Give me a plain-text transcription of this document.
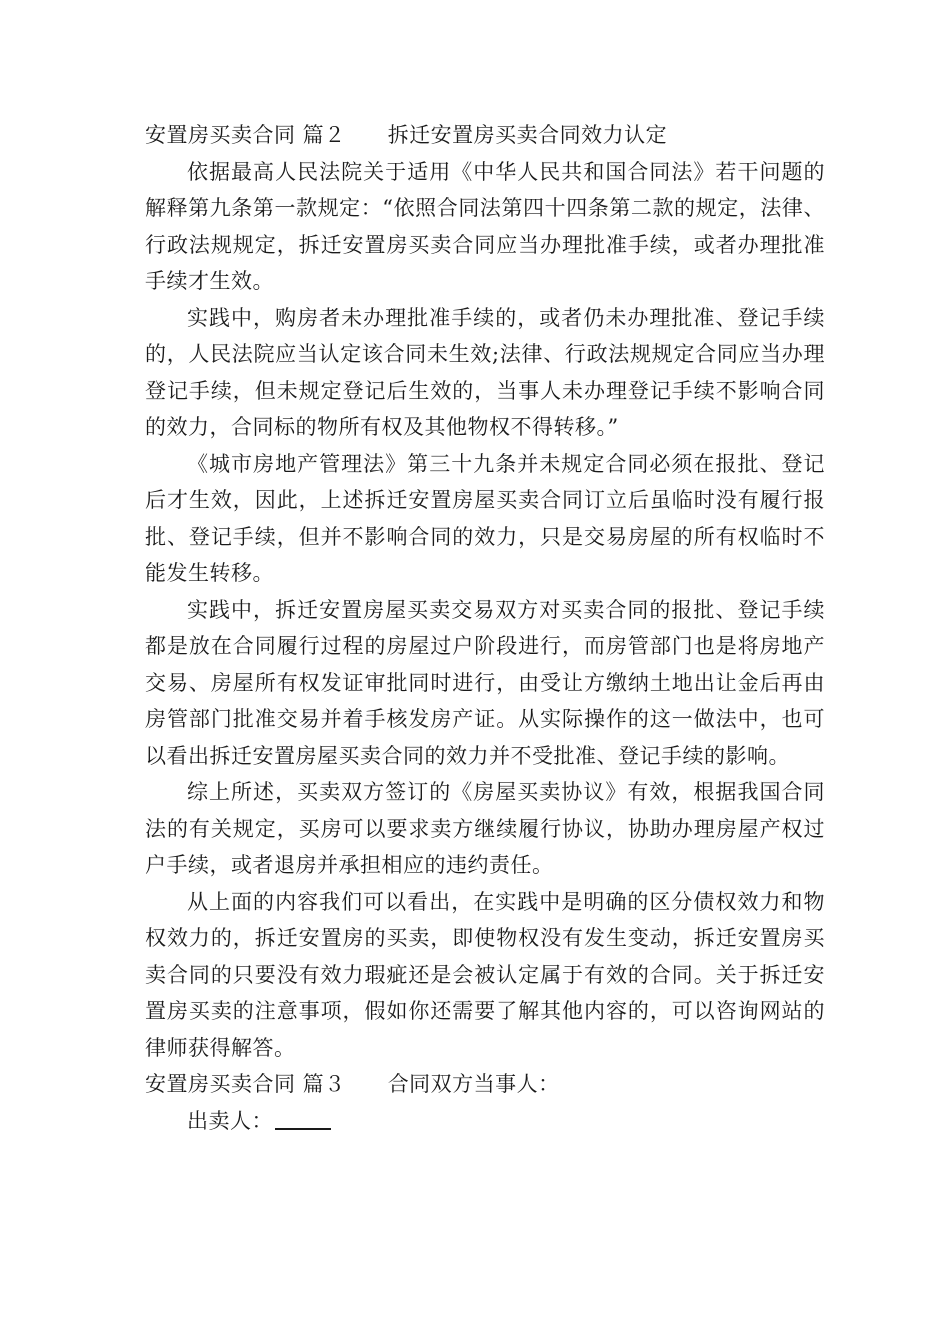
安置房买卖合同 篇２ 拆迁安置房买卖合同效力认定

依据最高人民法院关于适用《中华人民共和国合同法》若干问题的解释第九条第一款规定：“依照合同法第四十四条第二款的规定，法律、行政法规规定，拆迁安置房买卖合同应当办理批准手续，或者办理批准手续才生效。

实践中，购房者未办理批准手续的，或者仍未办理批准、登记手续的，人民法院应当认定该合同未生效;法律、行政法规规定合同应当办理登记手续，但未规定登记后生效的，当事人未办理登记手续不影响合同的效力，合同标的物所有权及其他物权不得转移。”

《城市房地产管理法》第三十九条并未规定合同必须在报批、登记后才生效，因此，上述拆迁安置房屋买卖合同订立后虽临时没有履行报批、登记手续，但并不影响合同的效力，只是交易房屋的所有权临时不能发生转移。

实践中，拆迁安置房屋买卖交易双方对买卖合同的报批、登记手续都是放在合同履行过程的房屋过户阶段进行，而房管部门也是将房地产交易、房屋所有权发证审批同时进行，由受让方缴纳土地出让金后再由房管部门批准交易并着手核发房产证。从实际操作的这一做法中，也可以看出拆迁安置房屋买卖合同的效力并不受批准、登记手续的影响。

综上所述，买卖双方签订的《房屋买卖协议》有效，根据我国合同法的有关规定，买房可以要求卖方继续履行协议，协助办理房屋产权过户手续，或者退房并承担相应的违约责任。

从上面的内容我们可以看出，在实践中是明确的区分债权效力和物权效力的，拆迁安置房的买卖，即使物权没有发生变动，拆迁安置房买卖合同的只要没有效力瑕疵还是会被认定属于有效的合同。关于拆迁安置房买卖的注意事项，假如你还需要了解其他内容的，可以咨询网站的律师获得解答。

安置房买卖合同 篇３ 合同双方当事人：

出卖人：
